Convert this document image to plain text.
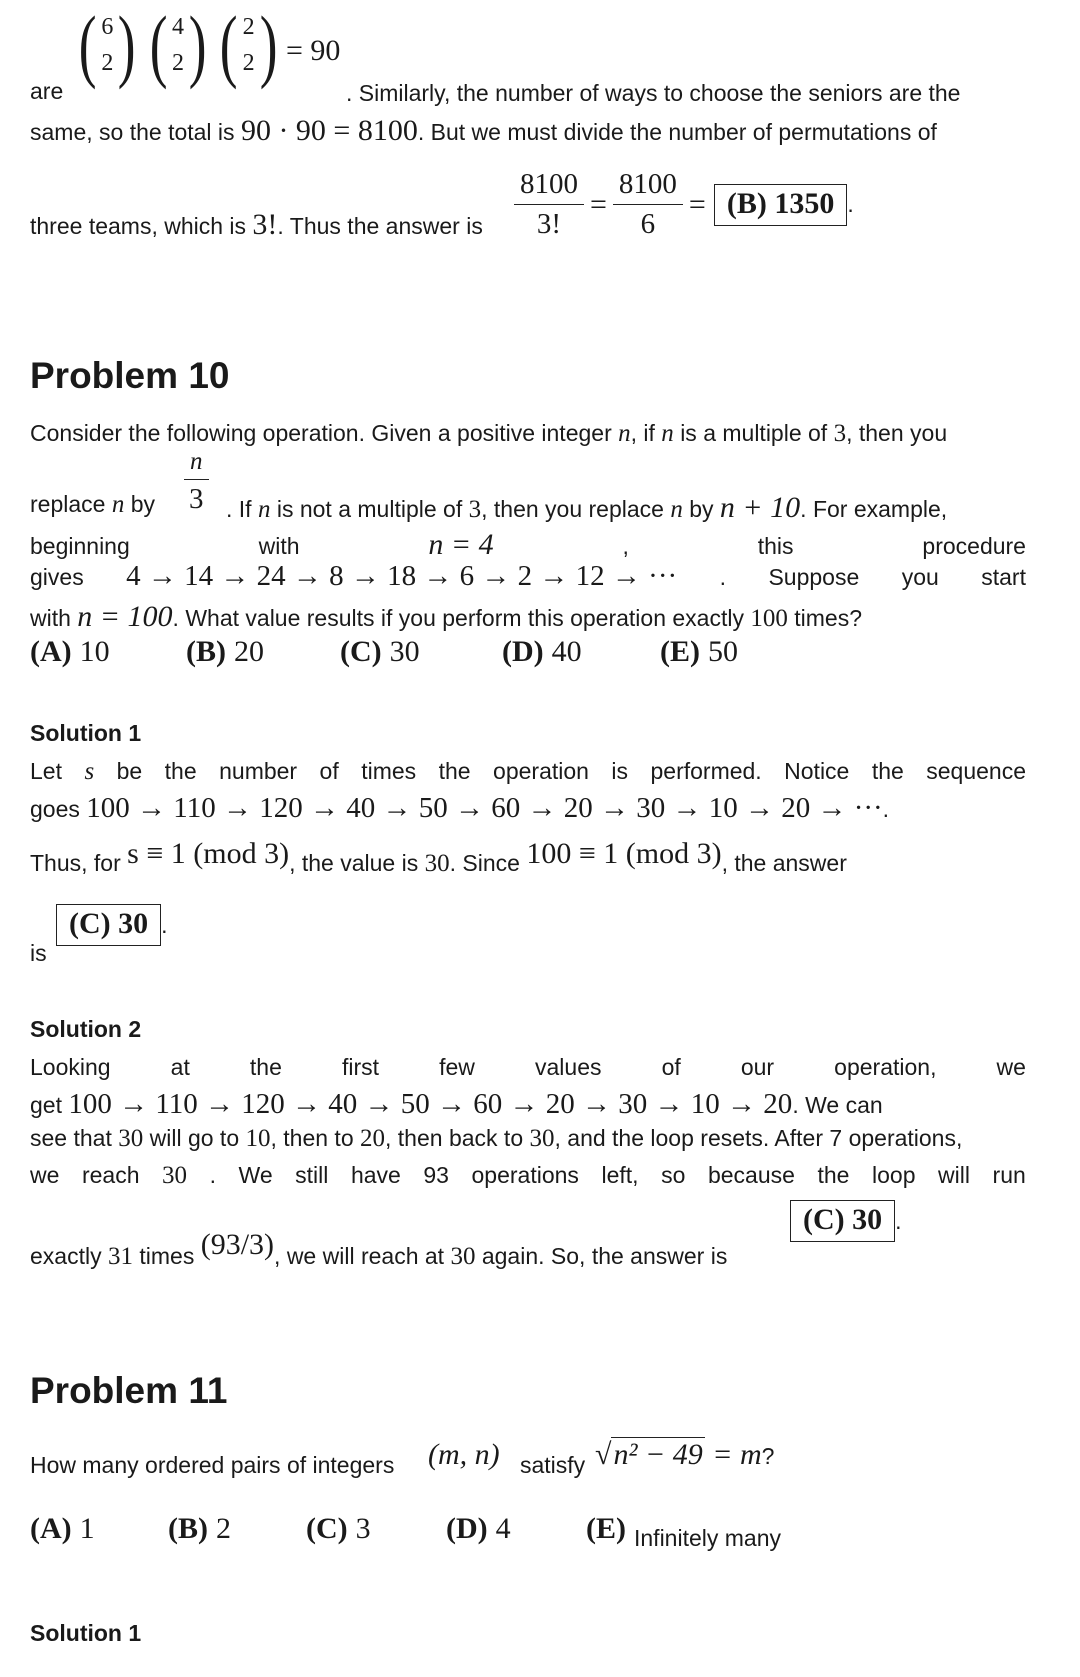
are
( 6
2 ) ( 4
2 ) ( 2
2 ) = 90
. Similarly, the number of ways to choose the seniors are the
same, so the total is 90 · 90 = 8100. But we must divide the number of permutations of
three teams, which is 3!. Thus the answer is $\frac{8100}{3!} = \frac{8100}{6} = (B)$ 1350 .
Problem 10
Consider the following operation. Given a positive integer n, if n is a multiple of 3, then you
replace n by $\frac{n}{3}$ . If n is not a multiple of 3, then you replace n by n + 10. For example,
beginning	with	n = 4	,	this	procedure
gives 4 → 14 → 24 → 8 → 18 → 6 → 2 → 12 → ··· . Suppose you start
with n = 100. What value results if you perform this operation exactly 100 times?
(A) 10	(B) 20	(C) 30	(D) 40	(E) 50
Solution 1
Let s be the number of times the operation is performed. Notice the sequence
goes 100 → 110 → 120 → 40 → 50 → 60 → 20 → 30 → 10 → 20 → ···.
Thus, for s ≡ 1 (mod 3), the value is 30. Since 100 ≡ 1 (mod 3), the answer
is
(C) 30 .
Solution 2
Looking	at	the	first	few	values	of	our	operation,	we
get 100 → 110 → 120 → 40 → 50 → 60 → 20 → 30 → 10 → 20. We can
see that 30 will go to 10, then to 20, then back to 30, and the loop resets. After 7 operations,
we reach 30 . We still have 93 operations left, so because the loop will run
exactly 31 times (93/3), we will reach at 30 again. So, the answer is
(C) 30 .
Problem 11
How many ordered pairs of integers (m, n) satisfy √n² − 49 = m?
(A) 1 (B) 2	(C) 3	(D) 4	(E) $_{Infinitely many}$
Solution 1
